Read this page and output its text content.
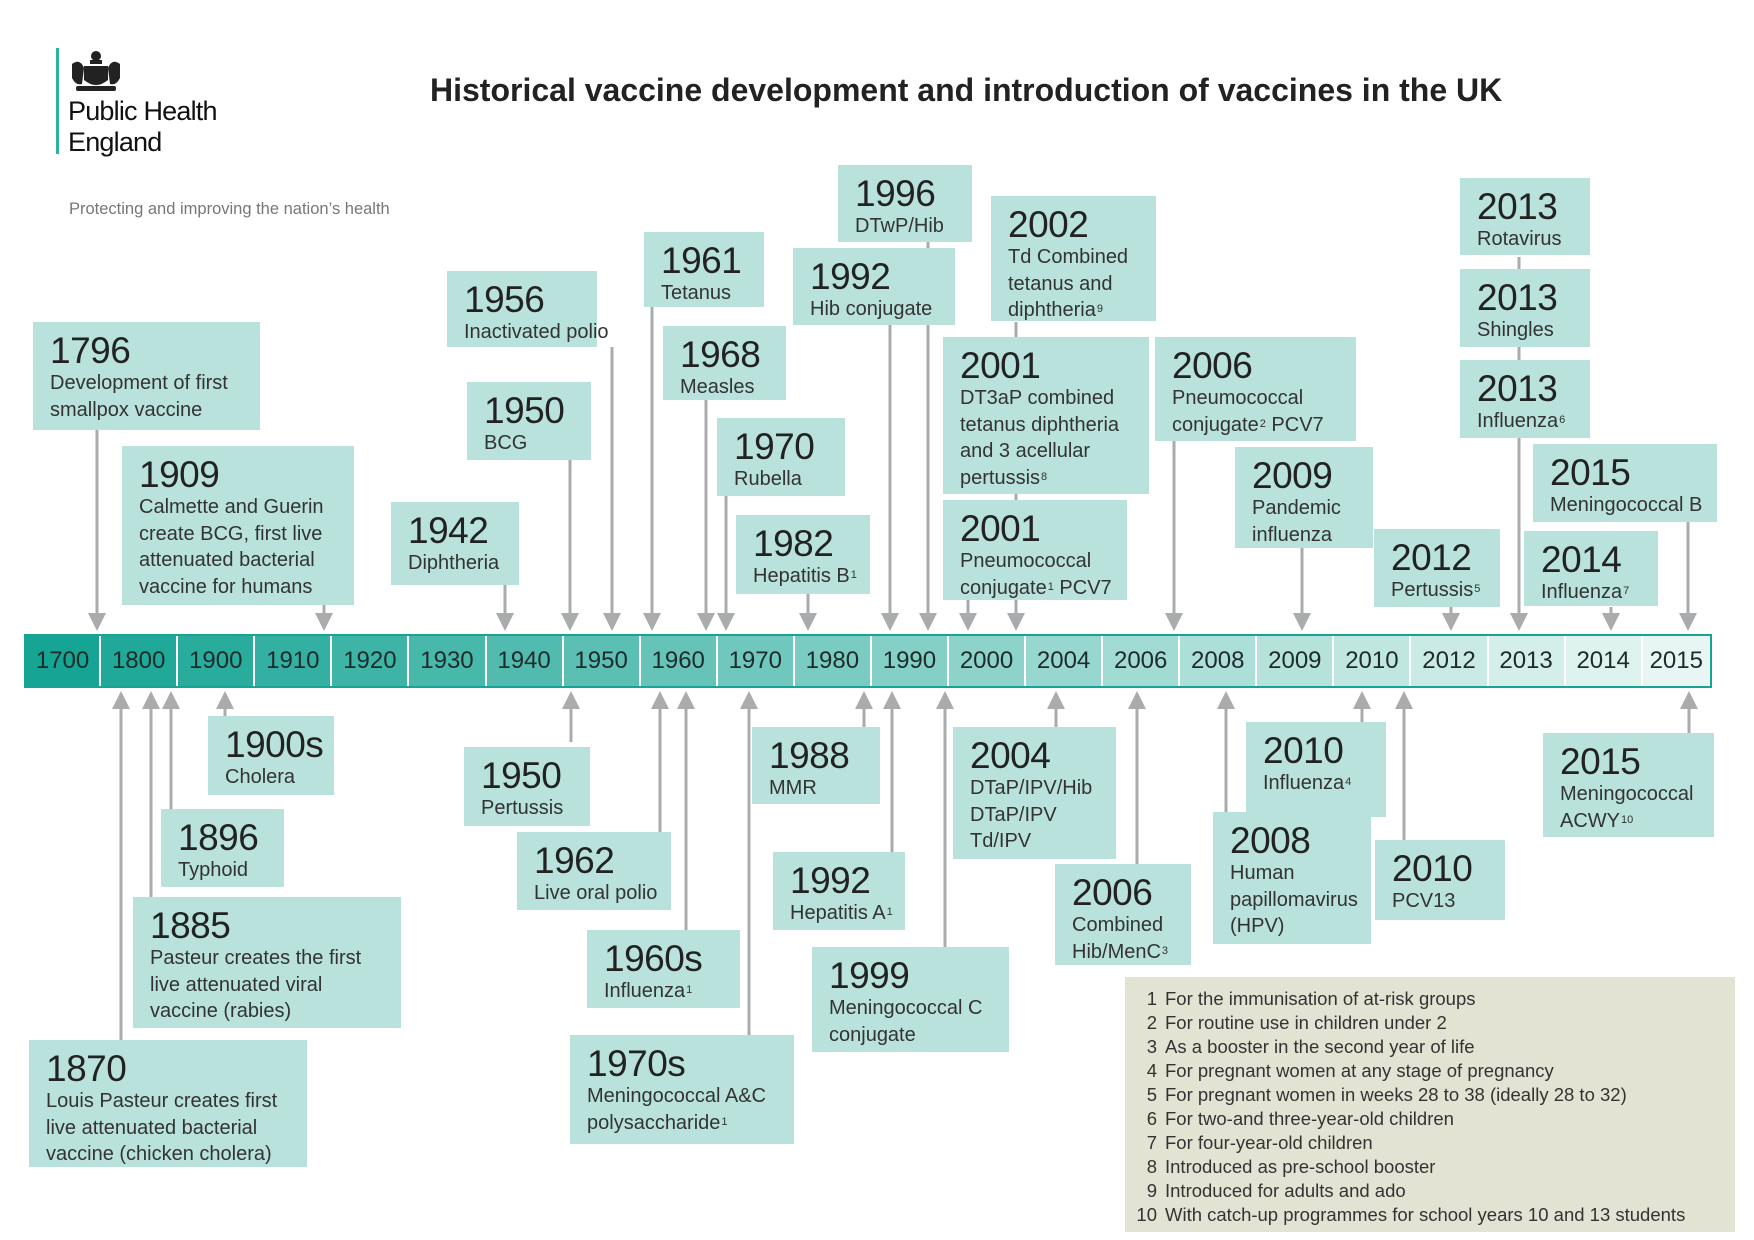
Public Health
England
Protecting and improving the nation’s health
Historical vaccine development and introduction of vaccines in the UK
1700 1800 1900 1910 1920 1930 1940 1950 1960 1970 1980 1990 2000 2004 2006 2008 2009 2010 2012 2013 2014 2015
1796
Development of first
smallpox vaccine
1909
Calmette and Guerin
create BCG, first live
attenuated bacterial
vaccine for humans
1942
Diphtheria
1950
BCG
1956
Inactivated polio
1961
Tetanus
1968
Measles
1970
Rubella
1982
Hepatitis $B^1$
1992
Hib conjugate
1996
DTwP/Hib	2002
Td Combined
tetanus and
diphtheria$^9$
2001
DT3aP combined
tetanus diphtheria
and 3 acellular
pertussis$^8$
2001
Pneumococcal
conjugate$^1$ PCV7
2006
Pneumococcal
conjugate$^2$ PCV7
2009
Pandemic
influenza
2012
Pertussis$^5$
2013
Rotavirus
2013
Shingles
2013
Influenza$^6$
2015
Meningococcal B
2014
Influenza$^7$
1900s
Cholera
1896
Typhoid
1885
Pasteur creates the first
live attenuated viral
vaccine (rabies)
1870
Louis Pasteur creates first
live attenuated bacterial
vaccine (chicken cholera)
1950
Pertussis
1962
Live oral polio
1960s
Influenza$^1$
1970s
Meningococcal A&C
polysaccharide$^1$
1988
MMR
1992
Hepatitis $A^1$
1999
Meningococcal C
conjugate
2004
DTaP/IPV/Hib
DTaP/IPV
Td/IPV
2006
Combined
Hib/MenC$^3$
2008
Human
papillomavirus
(HPV)
2010
Influenza$^4$
2010
PCV13
2015
Meningococcal
ACWY$^{10}$
1 For the immunisation of at-risk groups
2 For routine use in children under 2
3 As a booster in the second year of life
4 For pregnant women at any stage of pregnancy
5 For pregnant women in weeks 28 to 38 (ideally 28 to 32)
6 For two-and three-year-old children
7 For four-year-old children
8 Introduced as pre-school booster
9 Introduced for adults and ado
10 With catch-up programmes for school years 10 and 13 students
